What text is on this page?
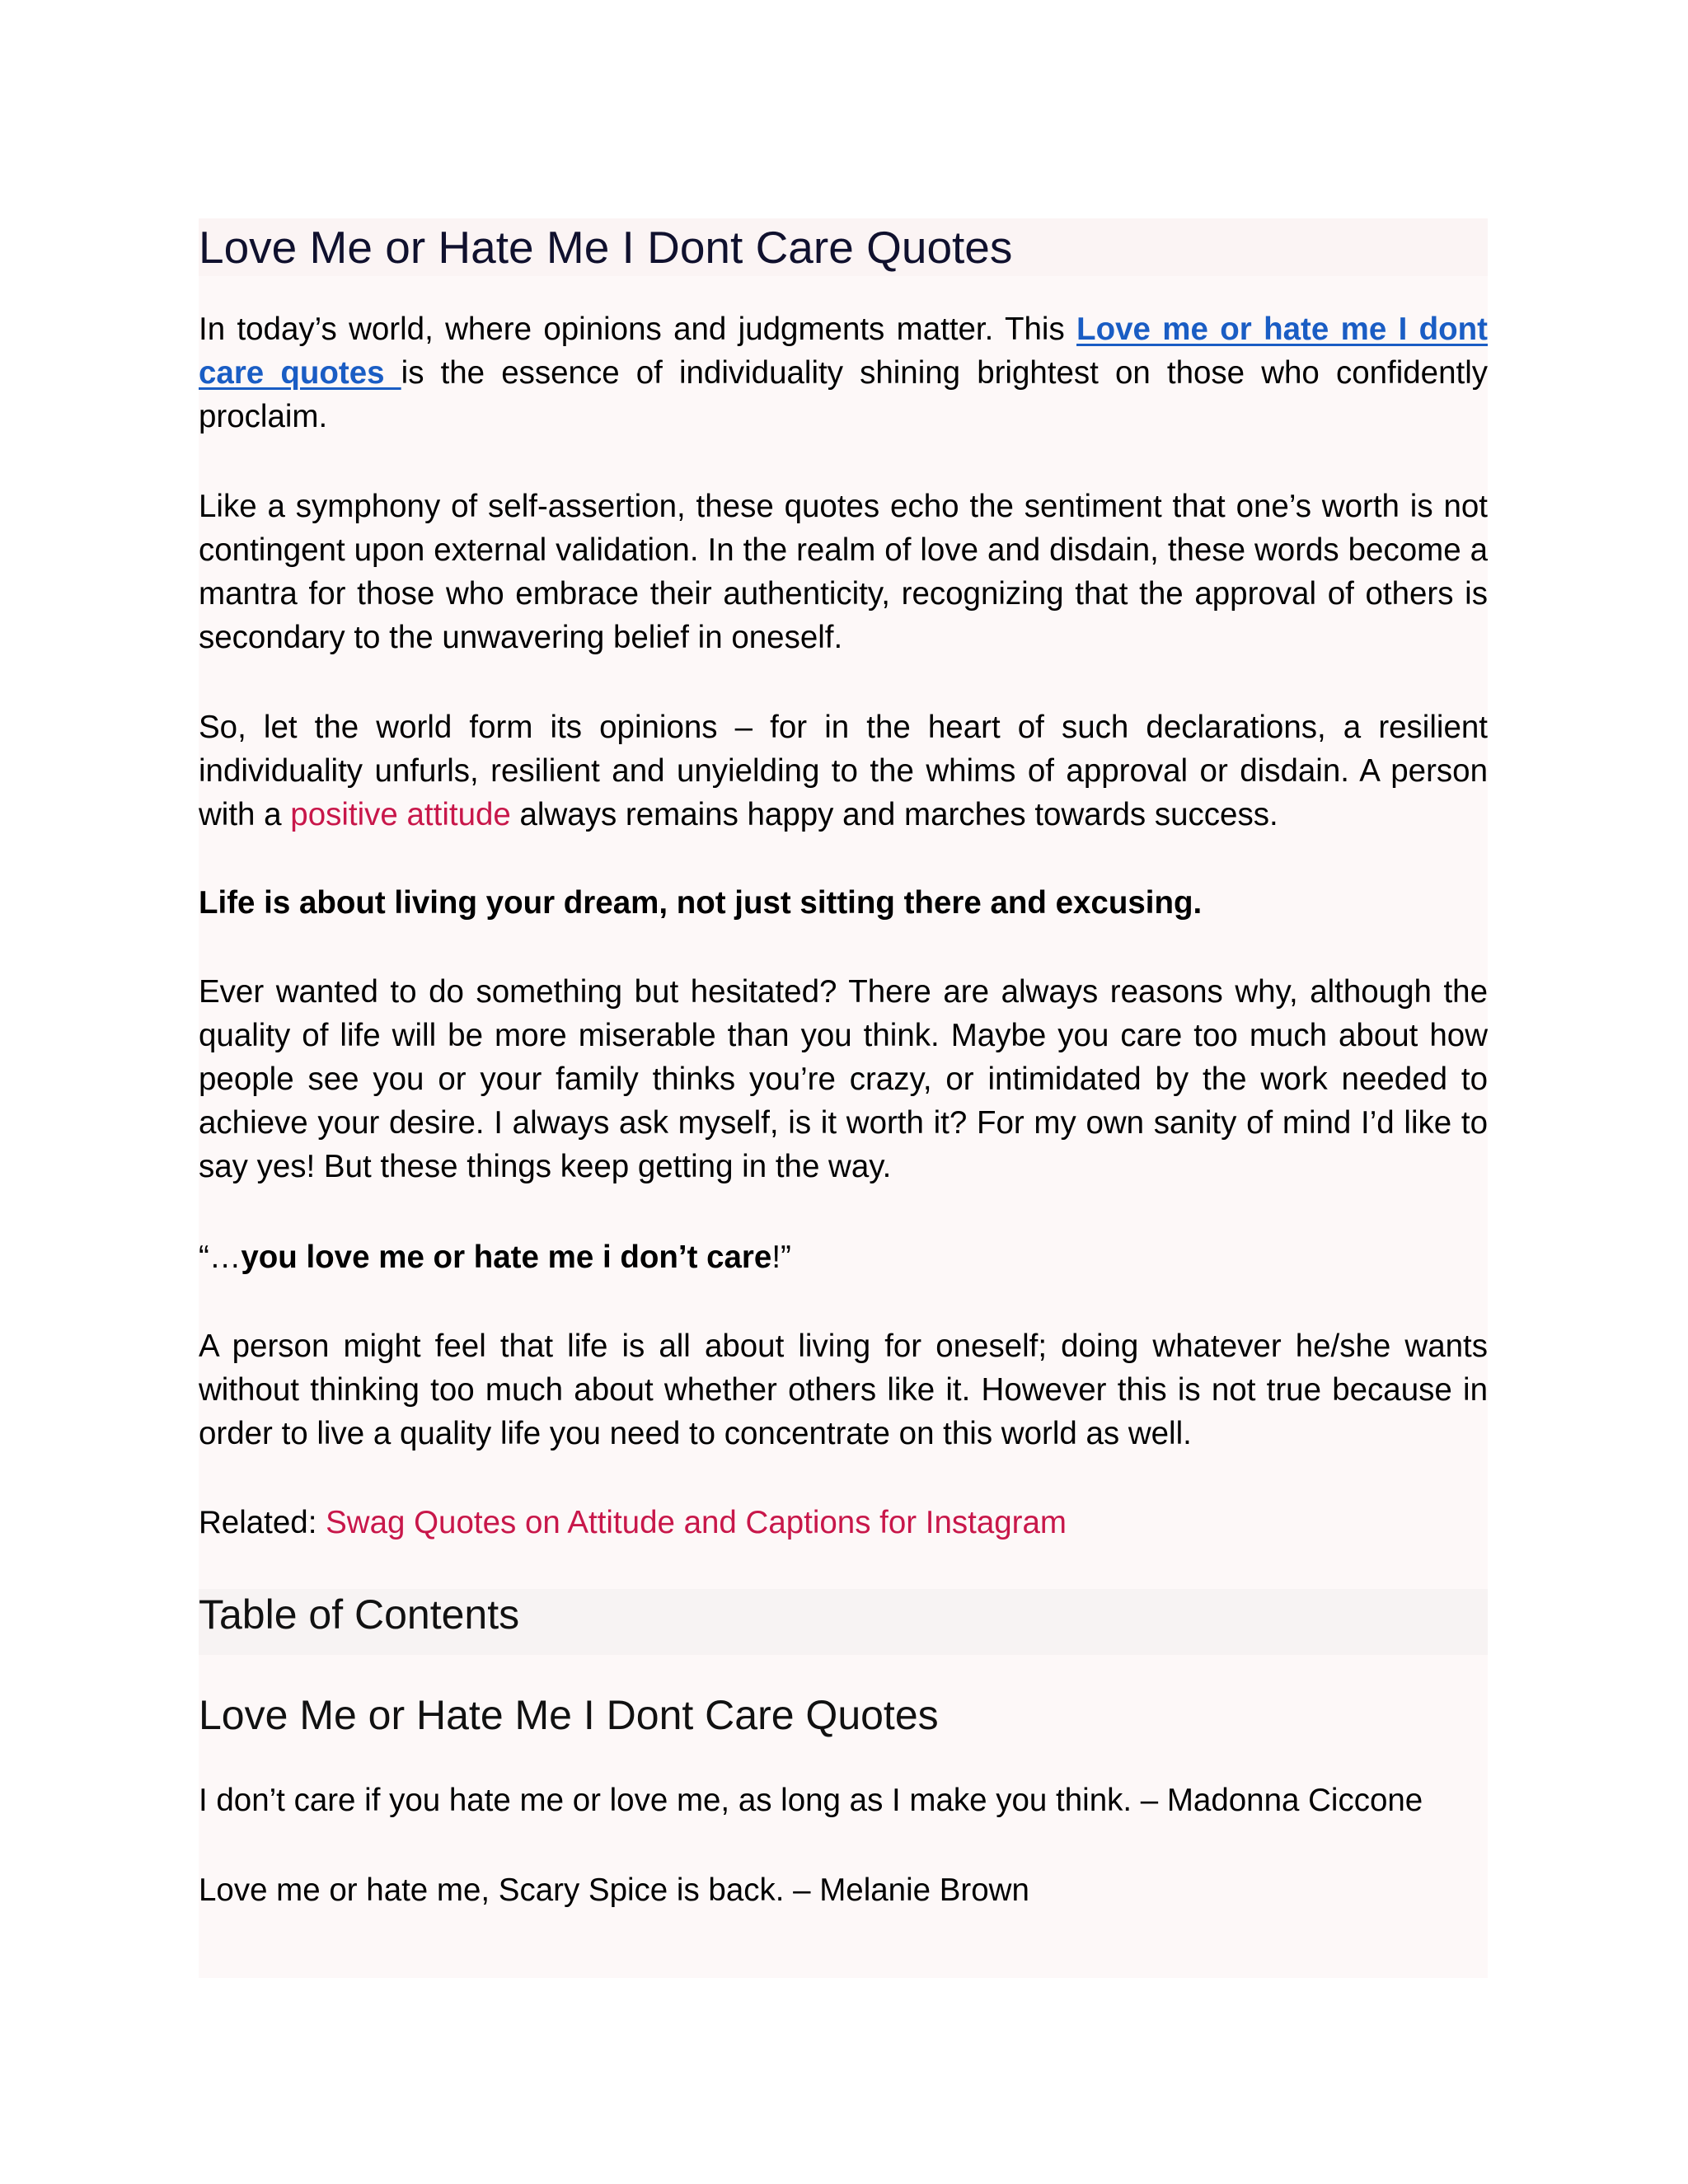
Love Me or Hate Me I Dont Care Quotes

In today’s world, where opinions and judgments matter. This Love me or hate me I dont care quotes is the essence of individuality shining brightest on those who confidently proclaim.

Like a symphony of self-assertion, these quotes echo the sentiment that one’s worth is not contingent upon external validation. In the realm of love and disdain, these words become a mantra for those who embrace their authenticity, recognizing that the approval of others is secondary to the unwavering belief in oneself.

So, let the world form its opinions – for in the heart of such declarations, a resilient individuality unfurls, resilient and unyielding to the whims of approval or disdain. A person with a positive attitude always remains happy and marches towards success.

Life is about living your dream, not just sitting there and excusing.

Ever wanted to do something but hesitated? There are always reasons why, although the quality of life will be more miserable than you think. Maybe you care too much about how people see you or your family thinks you’re crazy, or intimidated by the work needed to achieve your desire. I always ask myself, is it worth it? For my own sanity of mind I’d like to say yes! But these things keep getting in the way.

“…you love me or hate me i don’t care!”

A person might feel that life is all about living for oneself; doing whatever he/she wants without thinking too much about whether others like it. However this is not true because in order to live a quality life you need to concentrate on this world as well.

Related: Swag Quotes on Attitude and Captions for Instagram

Table of Contents
Love Me or Hate Me I Dont Care Quotes

I don’t care if you hate me or love me, as long as I make you think. – Madonna Ciccone

Love me or hate me, Scary Spice is back. – Melanie Brown
